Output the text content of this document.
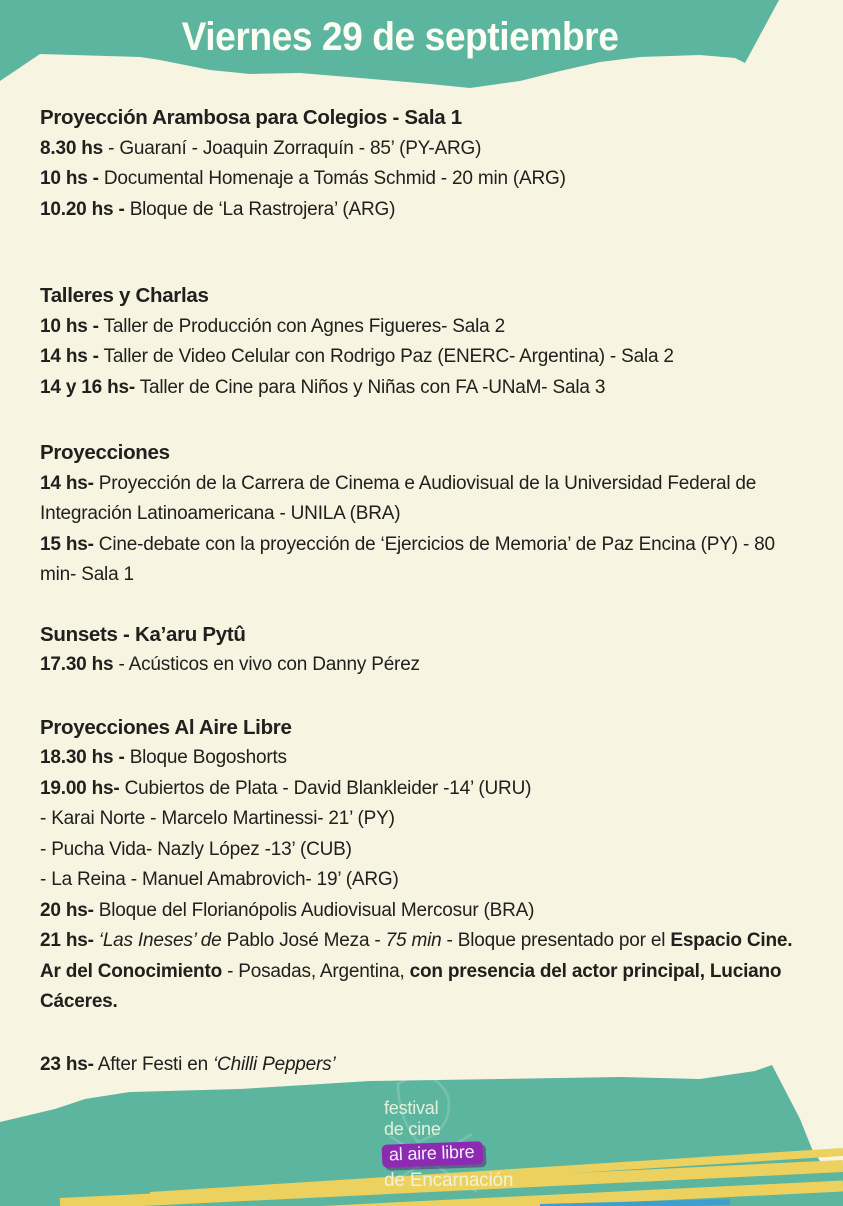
Viernes 29 de septiembre
Proyección Arambosa para Colegios - Sala 1

8.30 hs - Guaraní - Joaquin Zorraquín - 85’ (PY-ARG)

10 hs - Documental Homenaje a Tomás Schmid - 20 min (ARG)

10.20 hs - Bloque de ‘La Rastrojera’ (ARG)

Talleres y Charlas

10 hs - Taller de Producción con Agnes Figueres- Sala 2

14 hs - Taller de Video Celular con Rodrigo Paz (ENERC- Argentina) - Sala 2

14 y 16 hs- Taller de Cine para Niños y Niñas con FA -UNaM- Sala 3

Proyecciones

14 hs- Proyección de la Carrera de Cinema e Audiovisual de la Universidad Federal de Integración Latinoamericana - UNILA (BRA)

15 hs- Cine-debate con la proyección de ‘Ejercicios de Memoria’ de Paz Encina (PY) - 80 min- Sala 1

Sunsets - Ka’aru Pytû

17.30 hs - Acústicos en vivo con Danny Pérez

Proyecciones Al Aire Libre

18.30 hs - Bloque Bogoshorts

19.00 hs- Cubiertos de Plata - David Blankleider -14’ (URU)

- Karai Norte - Marcelo Martinessi- 21’ (PY)

- Pucha Vida- Nazly López -13’ (CUB)

- La Reina - Manuel Amabrovich- 19’ (ARG)

20 hs- Bloque del Florianópolis Audiovisual Mercosur (BRA)

21 hs- ‘Las Ineses’ de Pablo José Meza - 75 min - Bloque presentado por el Espacio Cine. Ar del Conocimiento - Posadas, Argentina, con presencia del actor principal, Luciano Cáceres.

23 hs- After Festi en ‘Chilli Peppers’

festival
de cine
al aire libre
de Encarnación
